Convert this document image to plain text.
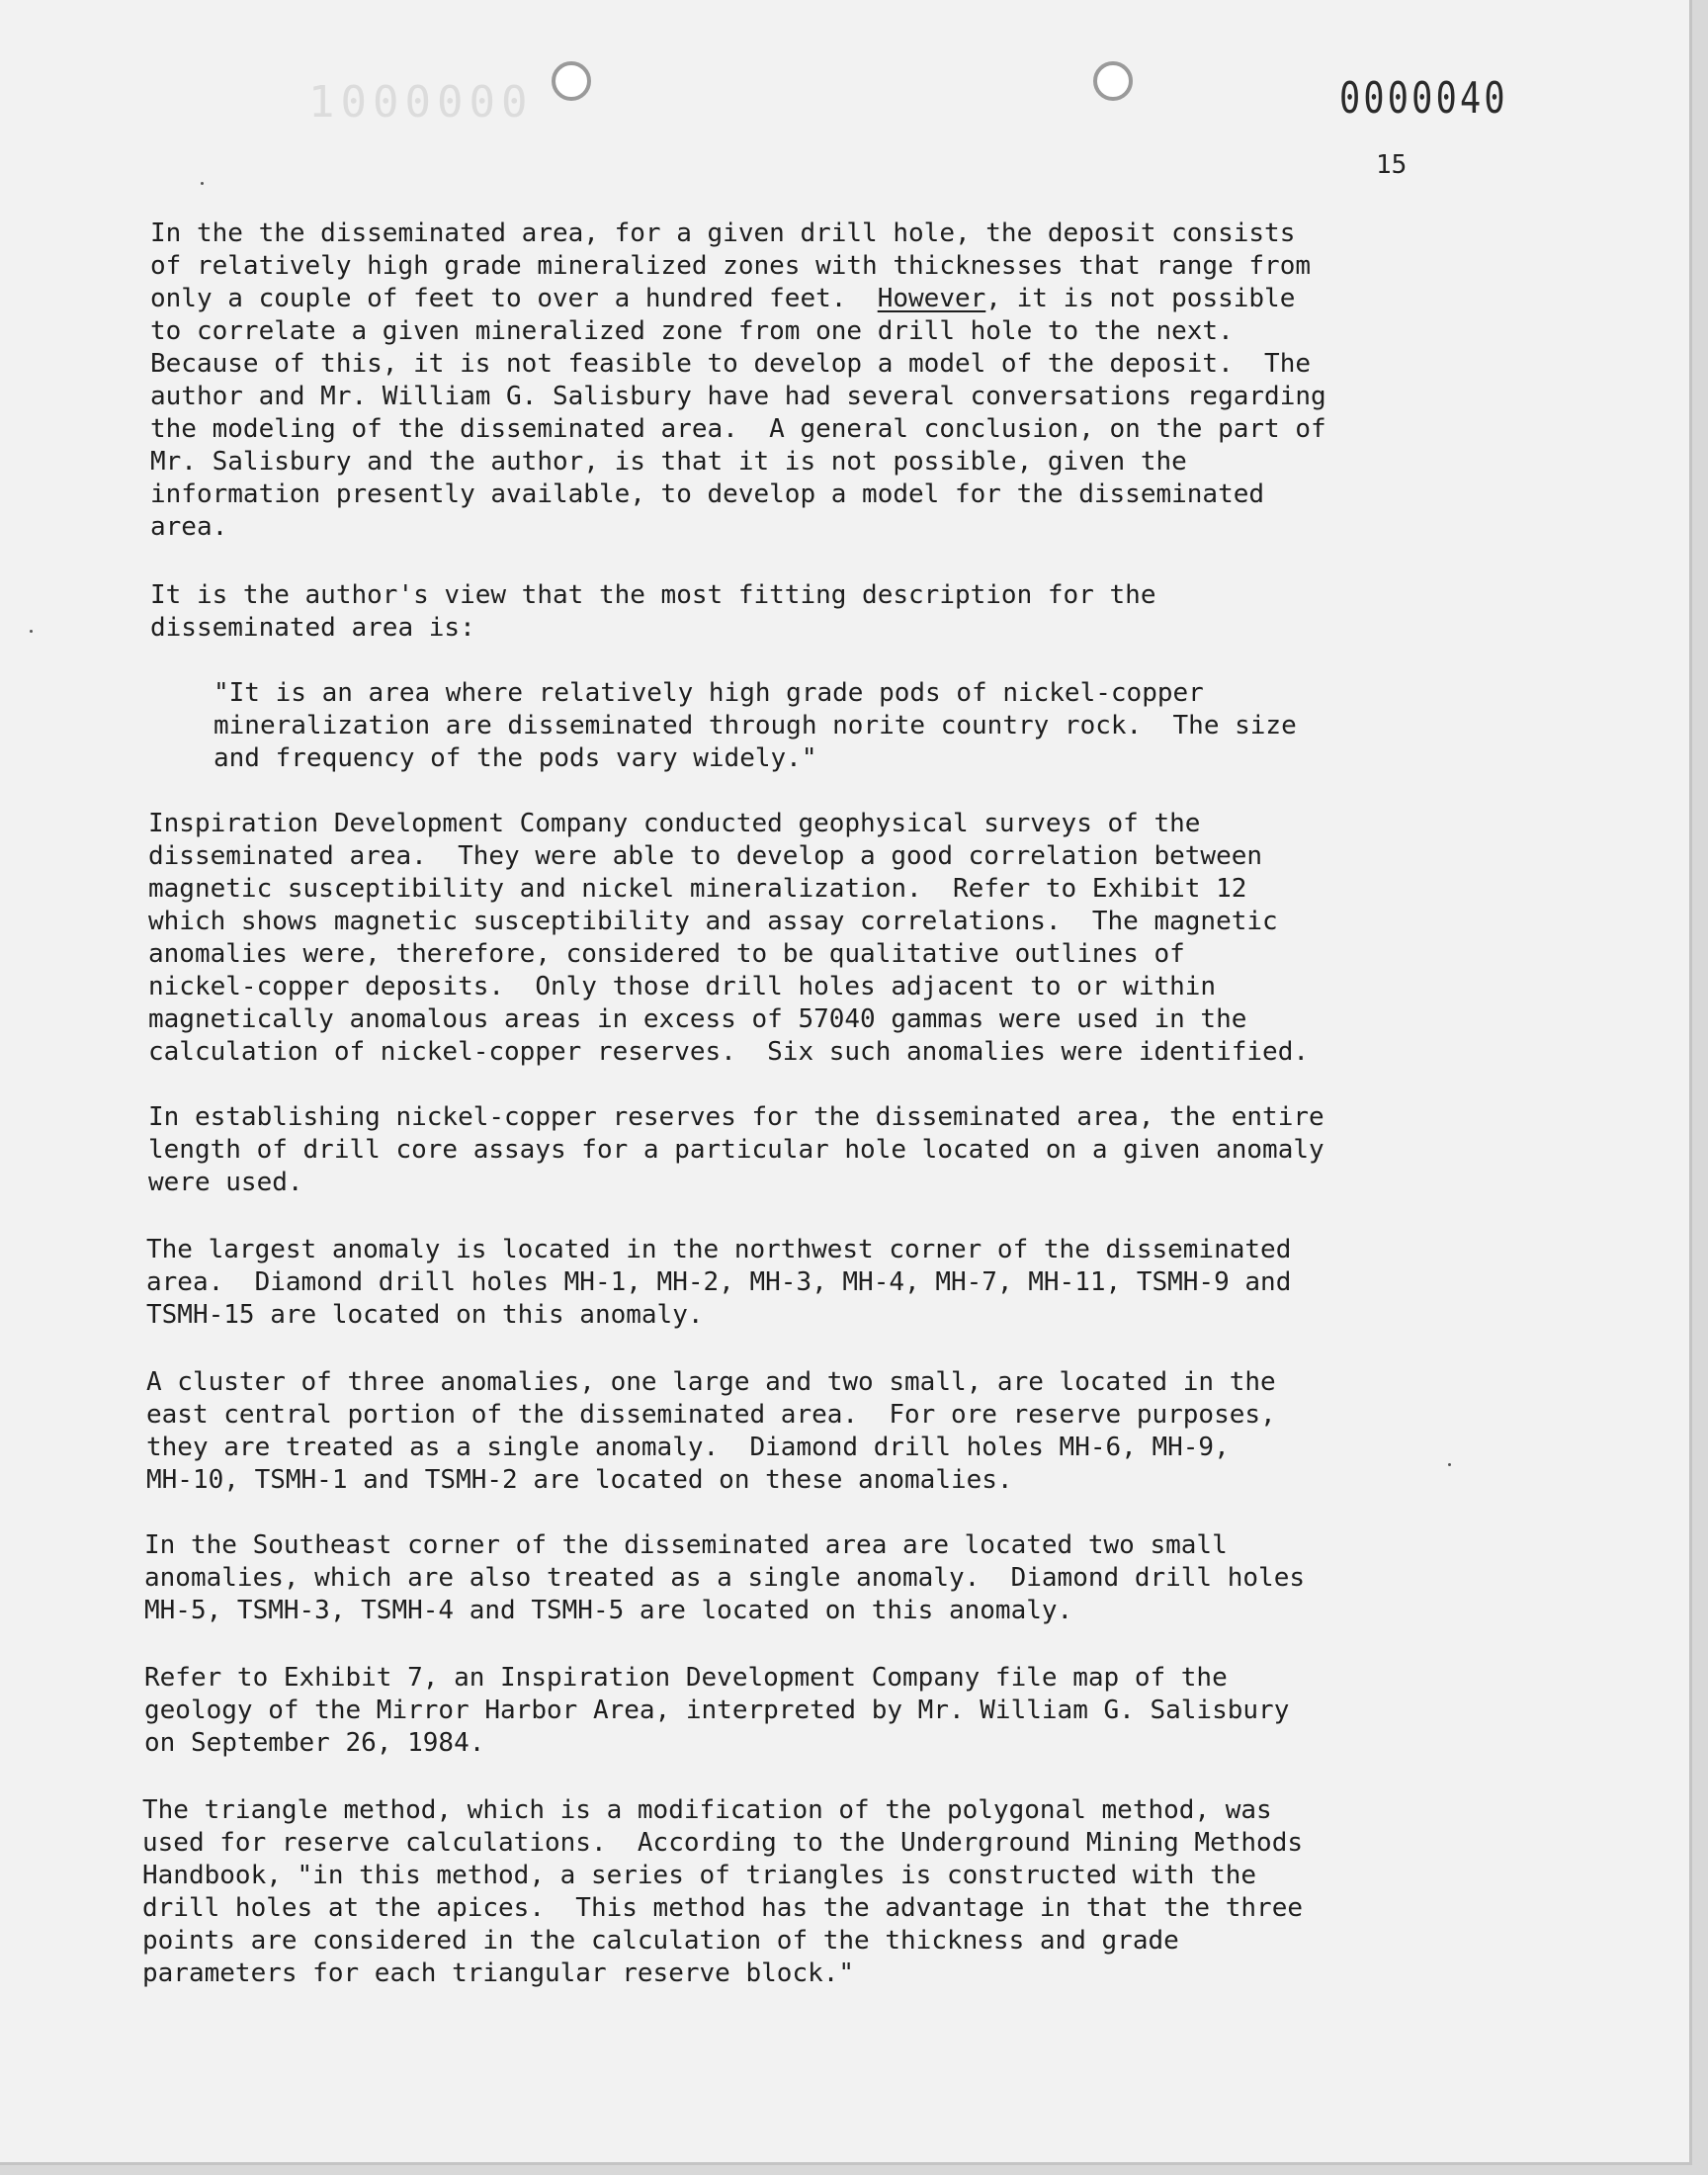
1000000	0000040
15
In the the disseminated area, for a given drill hole, the deposit consists
of relatively high grade mineralized zones with thicknesses that range from
only a couple of feet to over a hundred feet.  However, it is not possible
to correlate a given mineralized zone from one drill hole to the next.
Because of this, it is not feasible to develop a model of the deposit.  The
author and Mr. William G. Salisbury have had several conversations regarding
the modeling of the disseminated area.  A general conclusion, on the part of
Mr. Salisbury and the author, is that it is not possible, given the
information presently available, to develop a model for the disseminated
area.
It is the author's view that the most fitting description for the
disseminated area is:
"It is an area where relatively high grade pods of nickel-copper
mineralization are disseminated through norite country rock.  The size
and frequency of the pods vary widely."
Inspiration Development Company conducted geophysical surveys of the
disseminated area.  They were able to develop a good correlation between
magnetic susceptibility and nickel mineralization.  Refer to Exhibit 12
which shows magnetic susceptibility and assay correlations.  The magnetic
anomalies were, therefore, considered to be qualitative outlines of
nickel-copper deposits.  Only those drill holes adjacent to or within
magnetically anomalous areas in excess of 57040 gammas were used in the
calculation of nickel-copper reserves.  Six such anomalies were identified.
In establishing nickel-copper reserves for the disseminated area, the entire
length of drill core assays for a particular hole located on a given anomaly
were used.
The largest anomaly is located in the northwest corner of the disseminated
area.  Diamond drill holes MH-1, MH-2, MH-3, MH-4, MH-7, MH-11, TSMH-9 and
TSMH-15 are located on this anomaly.
A cluster of three anomalies, one large and two small, are located in the
east central portion of the disseminated area.  For ore reserve purposes,
they are treated as a single anomaly.  Diamond drill holes MH-6, MH-9,
MH-10, TSMH-1 and TSMH-2 are located on these anomalies.
In the Southeast corner of the disseminated area are located two small
anomalies, which are also treated as a single anomaly.  Diamond drill holes
MH-5, TSMH-3, TSMH-4 and TSMH-5 are located on this anomaly.
Refer to Exhibit 7, an Inspiration Development Company file map of the
geology of the Mirror Harbor Area, interpreted by Mr. William G. Salisbury
on September 26, 1984.
The triangle method, which is a modification of the polygonal method, was
used for reserve calculations.  According to the Underground Mining Methods
Handbook, "in this method, a series of triangles is constructed with the
drill holes at the apices.  This method has the advantage in that the three
points are considered in the calculation of the thickness and grade
parameters for each triangular reserve block."
